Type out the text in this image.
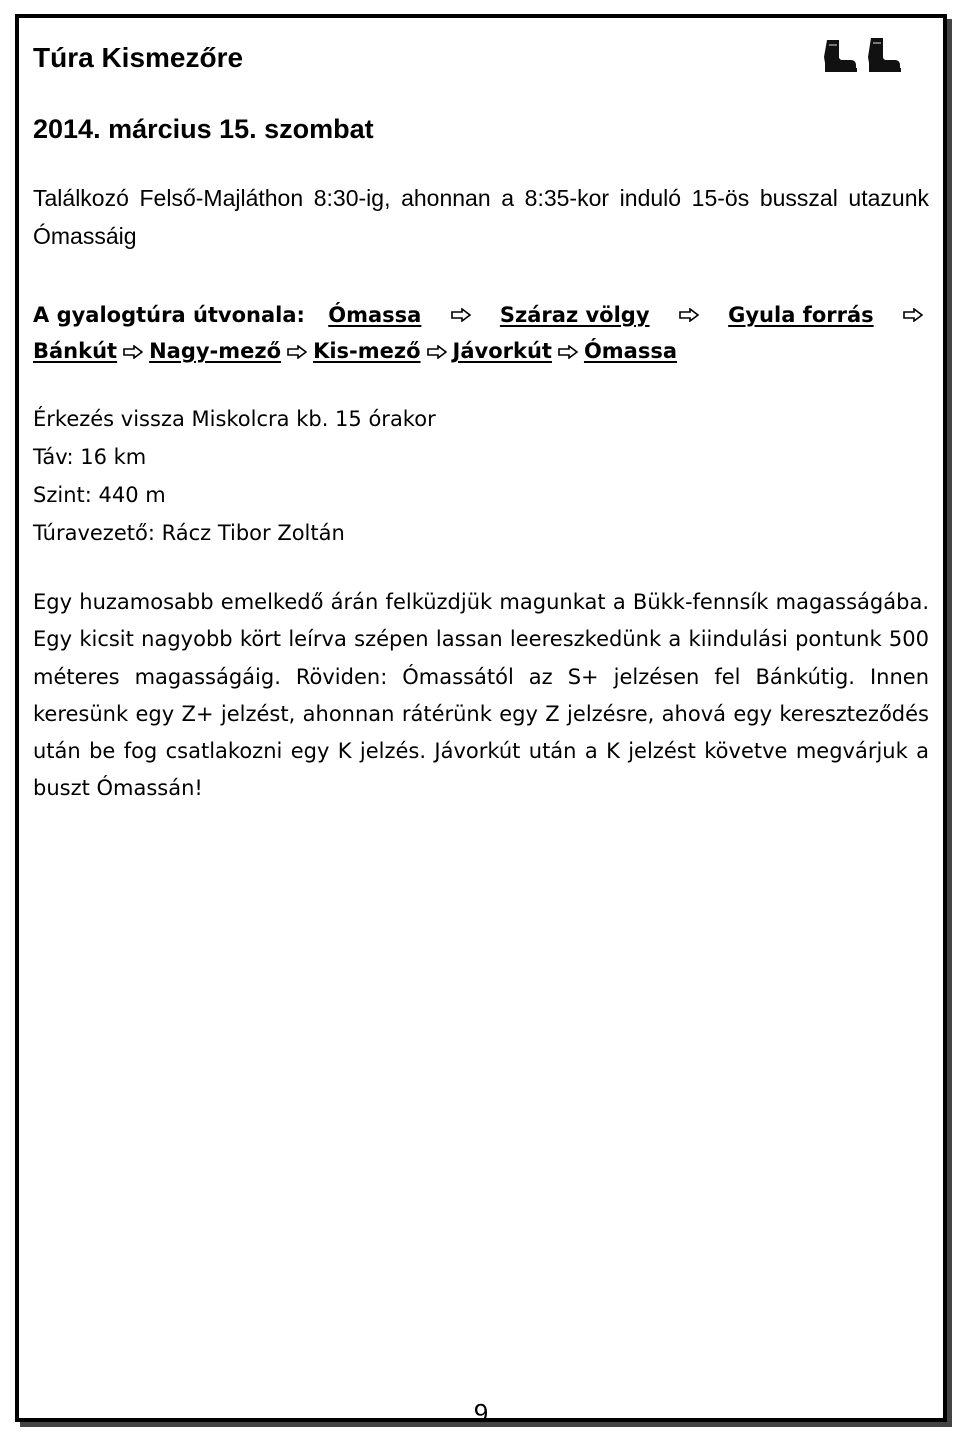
Túra Kismezőre
2014. március 15. szombat
Találkozó Felső-Majláthon 8:30-ig, ahonnan a 8:35-kor induló 15-ös busszal utazunk Ómassáig
A gyalogtúra útvonala: Ómassa	Száraz völgy	Gyula forrás
Bánkút Nagy-mező Kis-mező Jávorkút Ómassa
Érkezés vissza Miskolcra kb. 15 órakor
Táv: 16 km
Szint: 440 m
Túravezető: Rácz Tibor Zoltán
Egy huzamosabb emelkedő árán felküzdjük magunkat a Bükk-fennsík magasságába. Egy kicsit nagyobb kört leírva szépen lassan leereszkedünk a kiindulási pontunk 500 méteres magasságáig. Röviden: Ómassától az S+ jelzésen fel Bánkútig. Innen keresünk egy Z+ jelzést, ahonnan rátérünk egy Z jelzésre, ahová egy kereszteződés után be fog csatlakozni egy K jelzés. Jávorkút után a K jelzést követve megvárjuk a buszt Ómassán!
9
